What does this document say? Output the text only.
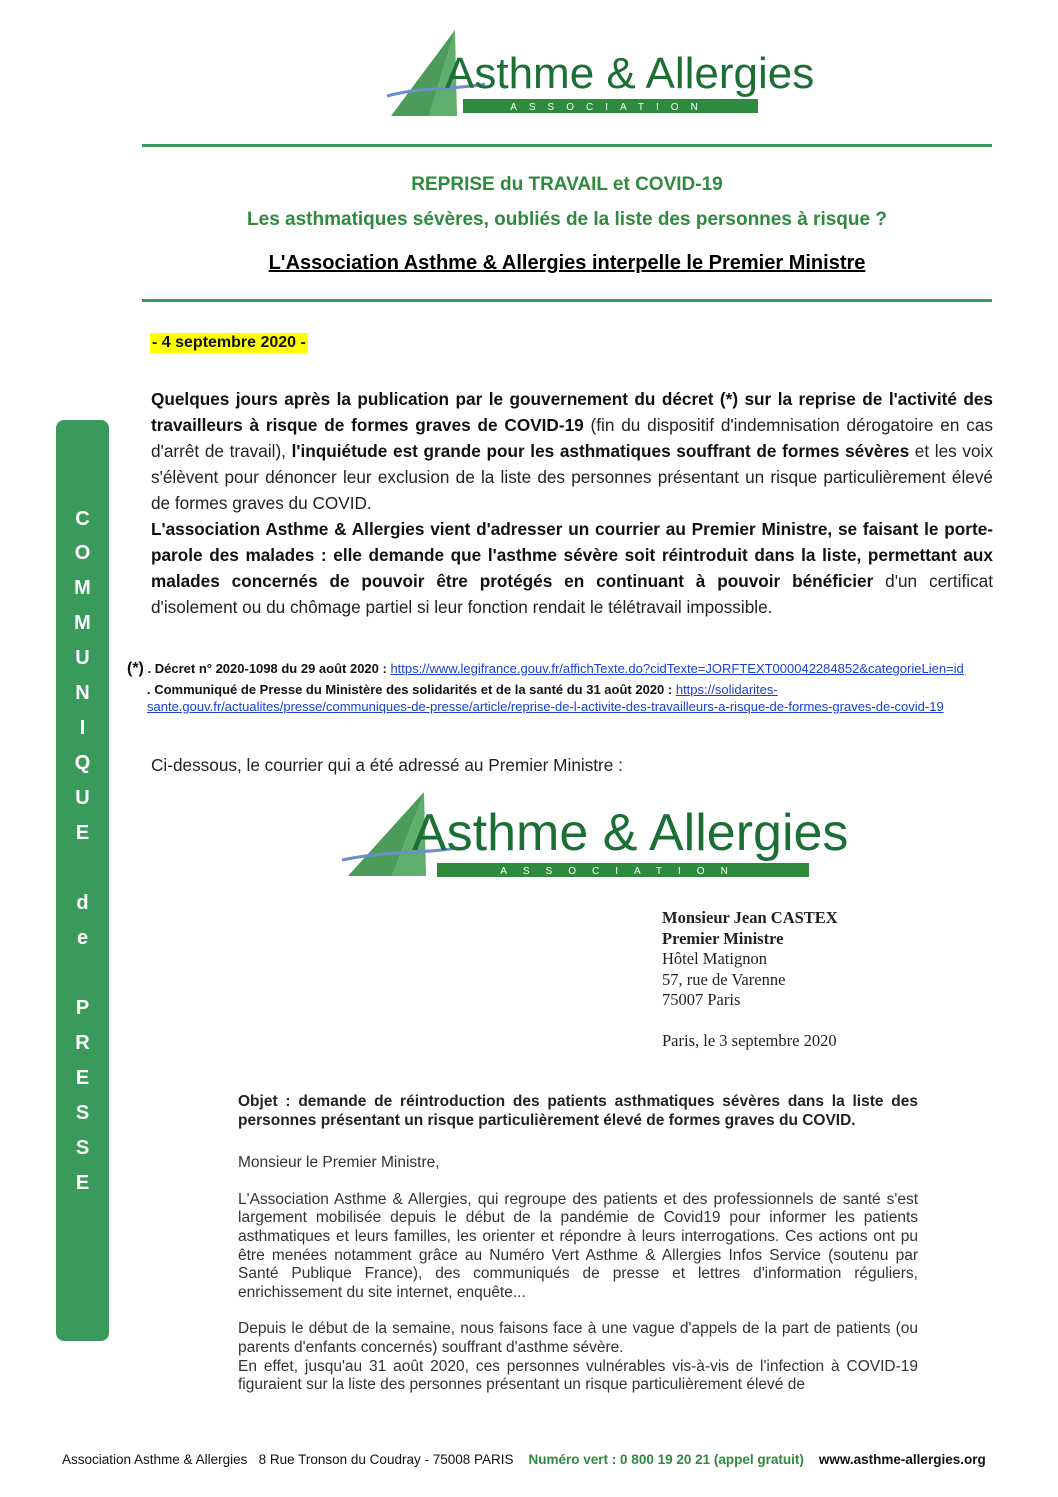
Asthme & Allergies
ASSOCIATION
REPRISE du TRAVAIL et COVID-19
Les asthmatiques sévères, oubliés de la liste des personnes à risque ?
L'Association Asthme & Allergies interpelle le Premier Ministre
- 4 septembre 2020 -
C
O
M
M
U
N
I
Q
U
E
d
e
P
R
E
S
S
E
Quelques jours après la publication par le gouvernement du décret (*) sur la reprise de l'activité des travailleurs à risque de formes graves de COVID-19 (fin du dispositif d'indemnisation dérogatoire en cas d'arrêt de travail), l'inquiétude est grande pour les asthmatiques souffrant de formes sévères et les voix s'élèvent pour dénoncer leur exclusion de la liste des personnes présentant un risque particulièrement élevé de formes graves du COVID.
L'association Asthme & Allergies vient d'adresser un courrier au Premier Ministre, se faisant le porte-parole des malades : elle demande que l'asthme sévère soit réintroduit dans la liste, permettant aux malades concernés de pouvoir être protégés en continuant à pouvoir bénéficier d'un certificat d'isolement ou du chômage partiel si leur fonction rendait le télétravail impossible.
(*) . Décret n° 2020-1098 du 29 août 2020 : https://www.legifrance.gouv.fr/affichTexte.do?cidTexte=JORFTEXT000042284852&categorieLien=id
. Communiqué de Presse du Ministère des solidarités et de la santé du 31 août 2020 : https://solidarites-
sante.gouv.fr/actualites/presse/communiques-de-presse/article/reprise-de-l-activite-des-travailleurs-a-risque-de-formes-graves-de-covid-19
Ci-dessous, le courrier qui a été adressé au Premier Ministre :
Asthme & Allergies
ASSOCIATION
Monsieur Jean CASTEX
Premier Ministre
Hôtel Matignon
57, rue de Varenne
75007 Paris
Paris, le 3 septembre 2020
Objet : demande de réintroduction des patients asthmatiques sévères dans la liste des personnes présentant un risque particulièrement élevé de formes graves du COVID.
Monsieur le Premier Ministre,
L'Association Asthme & Allergies, qui regroupe des patients et des professionnels de santé s'est largement mobilisée depuis le début de la pandémie de Covid19 pour informer les patients asthmatiques et leurs familles, les orienter et répondre à leurs interrogations. Ces actions ont pu être menées notamment grâce au Numéro Vert Asthme & Allergies Infos Service (soutenu par Santé Publique France), des communiqués de presse et lettres d'information réguliers, enrichissement du site internet, enquête...
Depuis le début de la semaine, nous faisons face à une vague d'appels de la part de patients (ou parents d'enfants concernés) souffrant d'asthme sévère.
En effet, jusqu'au 31 août 2020, ces personnes vulnérables vis-à-vis de l'infection à COVID-19 figuraient sur la liste des personnes présentant un risque particulièrement élevé de
Association Asthme & Allergies 8 Rue Tronson du Coudray - 75008 PARIS Numéro vert : 0 800 19 20 21 (appel gratuit) www.asthme-allergies.org
